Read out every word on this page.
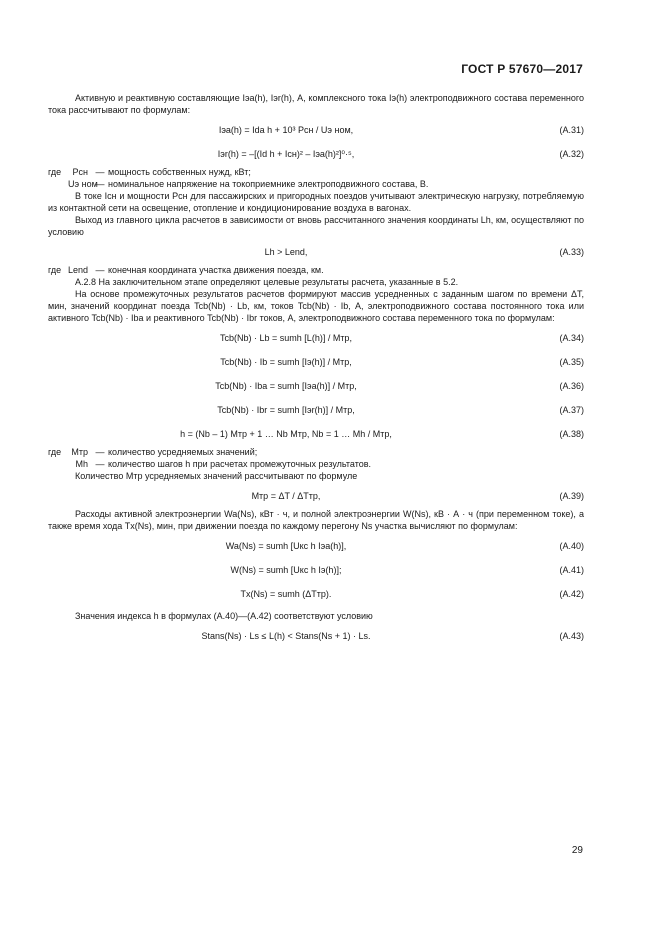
ГОСТ Р 57670—2017

Активную и реактивную составляющие Iэа(h), Iэr(h), А, комплексного тока Iэ(h) электроподвижного состава переменного тока рассчитывают по формулам:

Iэа(h) = Ida h + 10³ Pсн / Uэ ном,	(А.31)
Iэr(h) = –[(Id h + Iсн)² – Iэа(h)²]⁰·⁵,	(А.32)
где	Pсн — мощность собственных нужд, кВт;
Uэ ном
— номинальное напряжение на токоприемнике электроподвижного состава, В.

В токе Iсн и мощности Pсн для пассажирских и пригородных поездов учитывают электрическую нагрузку, потребляемую из контактной сети на освещение, отопление и кондиционирование воздуха в вагонах.

Выход из главного цикла расчетов в зависимости от вновь рассчитанного значения координаты Lh, км, осуществляют по условию

Lh > Lend,	(А.33)
где Lend — конечная координата участка движения поезда, км.

А.2.8 На заключительном этапе определяют целевые результаты расчета, указанные в 5.2.

На основе промежуточных результатов расчетов формируют массив усредненных с заданным шагом по времени ΔT, мин, значений координат поезда Tcb(Nb) · Lb, км, токов Tcb(Nb) · Ib, А, электроподвижного состава постоянного тока или активного Tcb(Nb) · Iba и реактивного Tcb(Nb) · Ibr токов, А, электроподвижного состава переменного тока по формулам:

Tcb(Nb) · Lb = sumh [L(h)] / Mтр,	(А.34)
Tcb(Nb) · Ib = sumh [Iэ(h)] / Mтр,	(А.35)
Tcb(Nb) · Iba = sumh [Iэа(h)] / Mтр,	(А.36)
Tcb(Nb) · Ibr = sumh [Iэr(h)] / Mтр,	(А.37)
h = (Nb – 1) Mтр + 1 … Nb Mтр, Nb = 1 … Mh / Mтр,	(А.38)
где	Mтр — количество усредняемых значений;
Mh — количество шагов h при расчетах промежуточных результатов.

Количество Mтр усредняемых значений рассчитывают по формуле

Mтр = ΔT / ΔTтр,	(А.39)

Расходы активной электроэнергии Wa(Ns), кВт · ч, и полной электроэнергии W(Ns), кВ · А · ч (при переменном токе), а также время хода Tх(Ns), мин, при движении поезда по каждому перегону Ns участка вычисляют по формулам:

Wa(Ns) = sumh [Uкс h Iэа(h)],	(А.40)
W(Ns) = sumh [Uкс h Iэ(h)];	(А.41)
Tх(Ns) = sumh (ΔTтр).	(А.42)

Значения индекса h в формулах (А.40)—(А.42) соответствуют условию

Stans(Ns) · Ls ≤ L(h) < Stans(Ns + 1) · Ls.	(А.43)
29
